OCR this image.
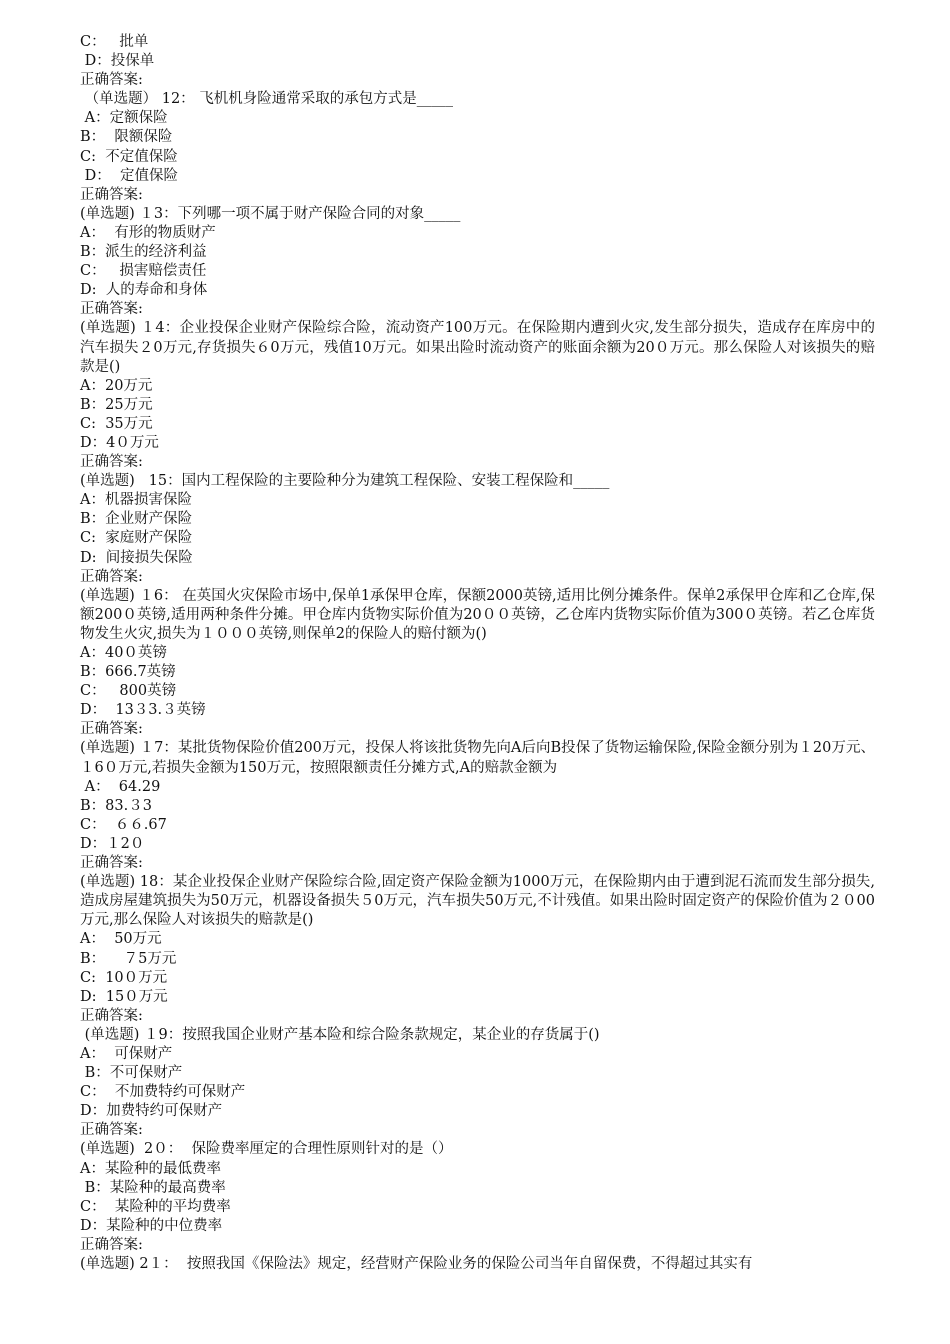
C：   批单
D：投保单
正确答案:
（单选题） 12： 飞机机身险通常采取的承包方式是_____
A：定额保险
B：  限额保险
C:  不定值保险
D：  定值保险
正确答案:
(单选题) １3：下列哪一项不属于财产保险合同的对象_____
A：  有形的物质财产
B：派生的经济利益
C：   损害赔偿责任
D:  人的寿命和身体
正确答案:
(单选题) １4：企业投保企业财产保险综合险，流动资产100万元。在保险期内遭到火灾,发生部分损失，造成存在库房中的汽车损失２0万元,存货损失６0万元，残值10万元。如果出险时流动资产的账面余额为20０万元。那么保险人对该损失的赔款是()
A：20万元
B：25万元
C:  35万元
D：4０万元
正确答案:
(单选题)   15：国内工程保险的主要险种分为建筑工程保险、安装工程保险和_____
A：机器损害保险
B：企业财产保险
C:  家庭财产保险
D:  间接损失保险
正确答案:
(单选题) １6： 在英国火灾保险市场中,保单1承保甲仓库，保额2000英镑,适用比例分摊条件。保单2承保甲仓库和乙仓库,保额200０英镑,适用两种条件分摊。甲仓库内货物实际价值为20００英镑，乙仓库内货物实际价值为300０英镑。若乙仓库货物发生火灾,损失为１０００英镑,则保单2的保险人的赔付额为()
A：40０英镑
B：666.7英镑
C：   800英镑
D：  13３3.３英镑
正确答案:
(单选题) １7：某批货物保险价值200万元，投保人将该批货物先向A后向B投保了货物运输保险,保险金额分别为１20万元、１6０万元,若损失金额为150万元，按照限额责任分摊方式,A的赔款金额为
A：  64.29
B：83.３3
C：  ６６.67
D：１2０
正确答案:
(单选题) 18：某企业投保企业财产保险综合险,固定资产保险金额为1000万元，在保险期内由于遭到泥石流而发生部分损失,造成房屋建筑损失为50万元，机器设备损失５0万元，汽车损失50万元,不计残值。如果出险时固定资产的保险价值为２０00万元,那么保险人对该损失的赔款是()
A：  50万元
B：    ７5万元
C:  10０万元
D:  15０万元
正确答案:
(单选题) １9：按照我国企业财产基本险和综合险条款规定，某企业的存货属于()
A：  可保财产
B：不可保财产
C：  不加费特约可保财产
D：加费特约可保财产
正确答案:
(单选题)  2０：  保险费率厘定的合理性原则针对的是（）
A：某险种的最低费率
B：某险种的最高费率
C：  某险种的平均费率
D：某险种的中位费率
正确答案:
(单选题) 2１：  按照我国《保险法》规定，经营财产保险业务的保险公司当年自留保费，不得超过其实有
